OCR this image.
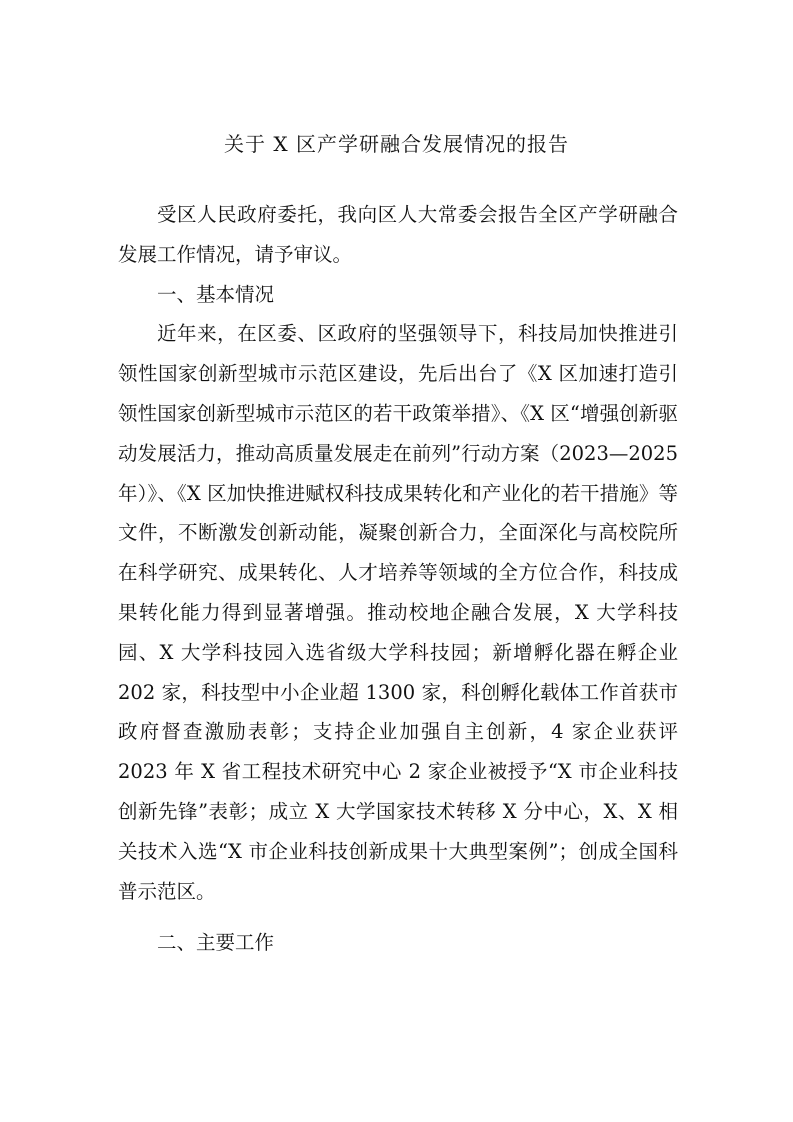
关于 X 区产学研融合发展情况的报告

受区人民政府委托，我向区人大常委会报告全区产学研融合发展工作情况，请予审议。

一、基本情况

近年来，在区委、区政府的坚强领导下，科技局加快推进引领性国家创新型城市示范区建设，先后出台了《X 区加速打造引领性国家创新型城市示范区的若干政策举措》、《X 区“增强创新驱动发展活力，推动高质量发展走在前列”行动方案（2023—2025 年）》、《X 区加快推进赋权科技成果转化和产业化的若干措施》等文件，不断激发创新动能，凝聚创新合力，全面深化与高校院所在科学研究、成果转化、人才培养等领域的全方位合作，科技成果转化能力得到显著增强。推动校地企融合发展，X 大学科技园、X 大学科技园入选省级大学科技园；新增孵化器在孵企业 202 家，科技型中小企业超 1300 家，科创孵化载体工作首获市政府督查激励表彰；支持企业加强自主创新，4 家企业获评 2023 年 X 省工程技术研究中心 2 家企业被授予“X 市企业科技创新先锋”表彰；成立 X 大学国家技术转移 X 分中心，X、X 相关技术入选“X 市企业科技创新成果十大典型案例”；创成全国科普示范区。

二、主要工作
